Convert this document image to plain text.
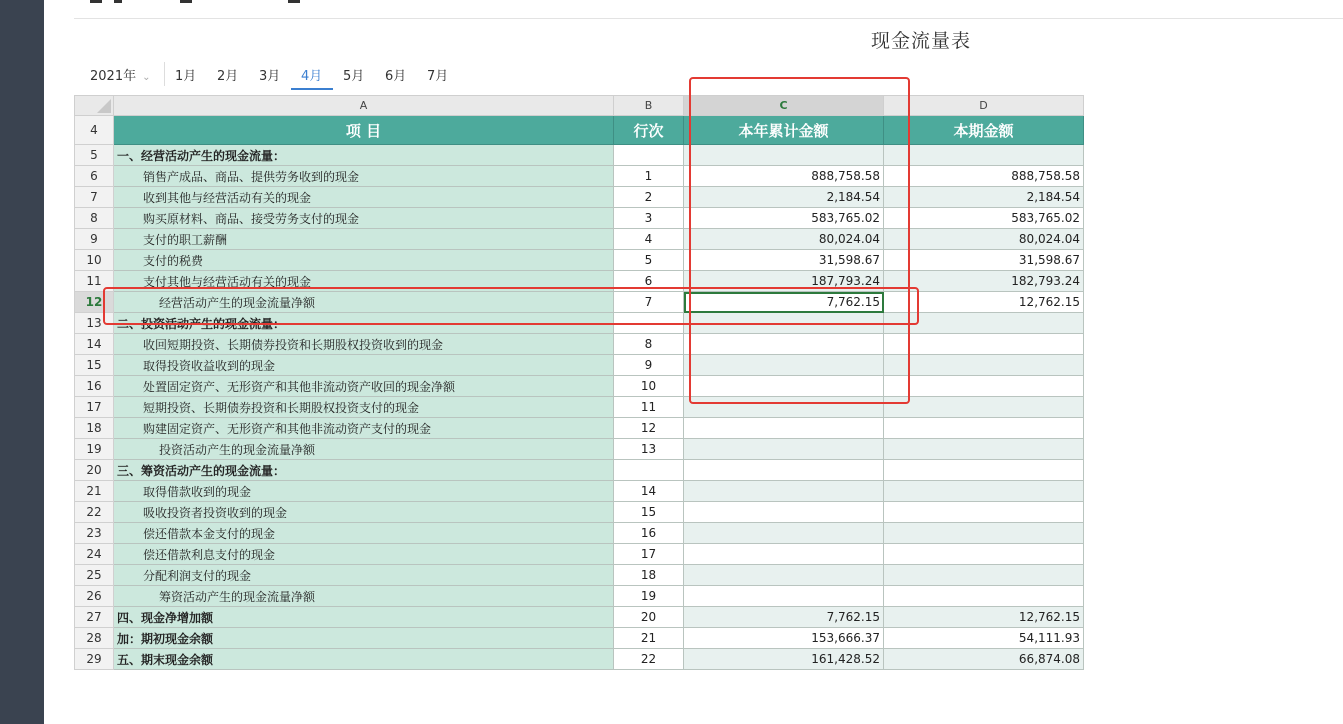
现金流量表
2021年 ⌄ 1月 2月 3月 4月 5月 6月 7月
	A	B	C	D
4	项 目	行次	本年累计金额	本期金额
5	一、经营活动产生的现金流量：			
6	销售产成品、商品、提供劳务收到的现金	1	888,758.58	888,758.58
7	收到其他与经营活动有关的现金	2	2,184.54	2,184.54
8	购买原材料、商品、接受劳务支付的现金	3	583,765.02	583,765.02
9	支付的职工薪酬	4	80,024.04	80,024.04
10	支付的税费	5	31,598.67	31,598.67
11	支付其他与经营活动有关的现金	6	187,793.24	182,793.24
12	经营活动产生的现金流量净额	7	7,762.15	12,762.15
13	二、投资活动产生的现金流量：			
14	收回短期投资、长期债券投资和长期股权投资收到的现金	8		
15	取得投资收益收到的现金	9		
16	处置固定资产、无形资产和其他非流动资产收回的现金净额	10		
17	短期投资、长期债券投资和长期股权投资支付的现金	11		
18	购建固定资产、无形资产和其他非流动资产支付的现金	12		
19	投资活动产生的现金流量净额	13		
20	三、筹资活动产生的现金流量：			
21	取得借款收到的现金	14		
22	吸收投资者投资收到的现金	15		
23	偿还借款本金支付的现金	16		
24	偿还借款利息支付的现金	17		
25	分配利润支付的现金	18		
26	筹资活动产生的现金流量净额	19		
27	四、现金净增加额	20	7,762.15	12,762.15
28	加：期初现金余额	21	153,666.37	54,111.93
29	五、期末现金余额	22	161,428.52	66,874.08
